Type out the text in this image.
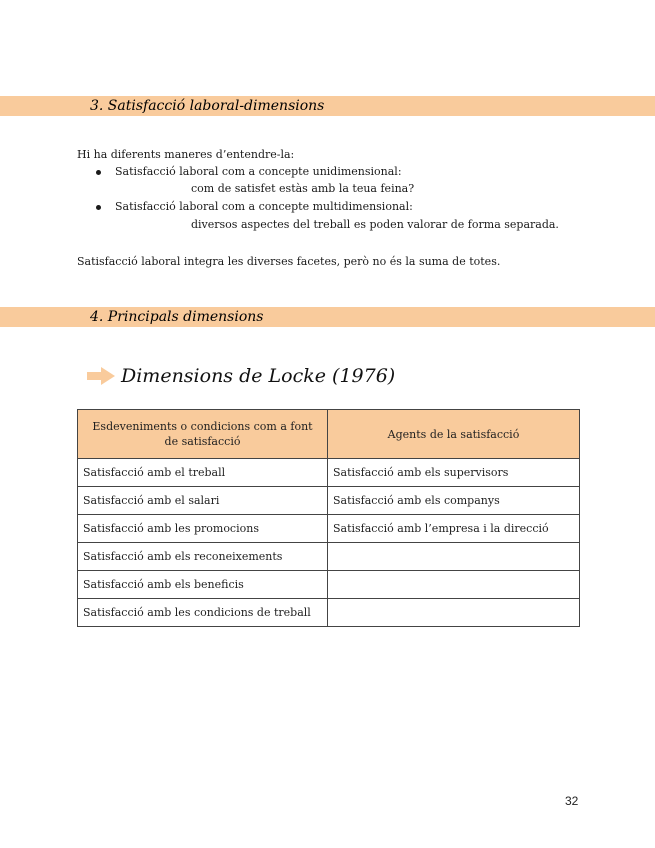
3. Satisfacció laboral-dimensions
Hi ha diferents maneres d’entendre-la:
Satisfacció laboral com a concepte unidimensional:
com de satisfet estàs amb la teua feina?
Satisfacció laboral com a concepte multidimensional:
diversos aspectes del treball es poden valorar de forma separada.
Satisfacció laboral integra les diverses facetes, però no és la suma de totes.
4. Principals dimensions
Dimensions de Locke (1976)
Esdeveniments o condicions com a font de satisfacció	Agents de la satisfacció
Satisfacció amb el treball	Satisfacció amb els supervisors
Satisfacció amb el salari	Satisfacció amb els companys
Satisfacció amb les promocions	Satisfacció amb l’empresa i la direcció
Satisfacció amb els reconeixements	
Satisfacció amb els beneficis	
Satisfacció amb les condicions de treball	
32
